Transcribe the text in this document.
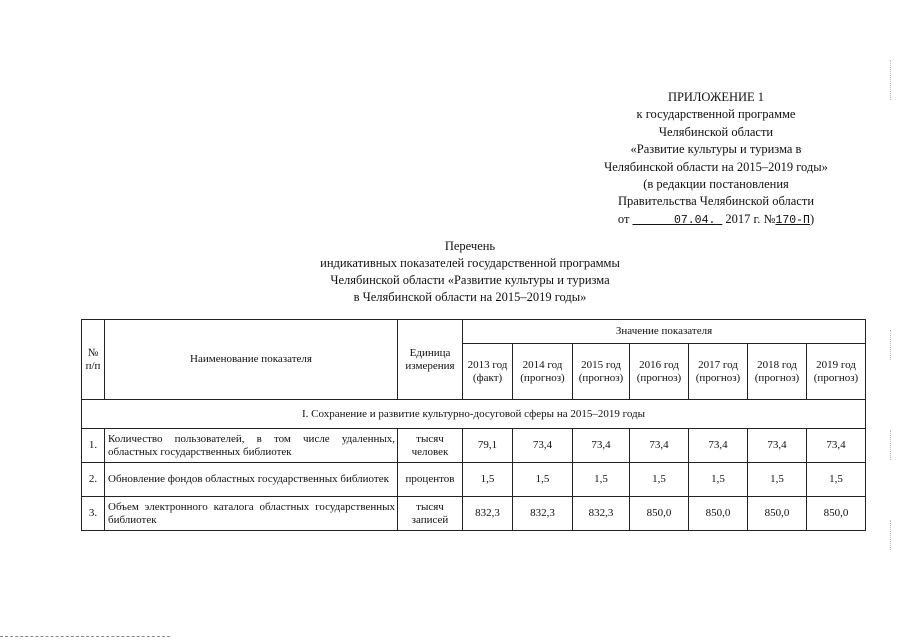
ПРИЛОЖЕНИЕ 1
к государственной программе
Челябинской области
«Развитие культуры и туризма в
Челябинской области на 2015–2019 годы»
(в редакции постановления
Правительства Челябинской области
от	07.04. 2017 г. №170-П)
Перечень
индикативных показателей государственной программы
Челябинской области «Развитие культуры и туризма
в Челябинской области на 2015–2019 годы»
№ п/п	Наименование показателя	Единица измерения	Значение показателя						
			2013 год (факт)	2014 год (прогноз)	2015 год (прогноз)	2016 год (прогноз)	2017 год (прогноз)	2018 год (прогноз)	2019 год (прогноз)
I. Сохранение и развитие культурно-досуговой сферы на 2015–2019 годы									
1.	Количество пользователей, в том числе удаленных, областных государственных библиотек	тысяч человек	79,1	73,4	73,4	73,4	73,4	73,4	73,4
2.	Обновление фондов областных государственных библиотек	процентов	1,5	1,5	1,5	1,5	1,5	1,5	1,5
3.	Объем электронного каталога областных государственных библиотек	тысяч записей	832,3	832,3	832,3	850,0	850,0	850,0	850,0
